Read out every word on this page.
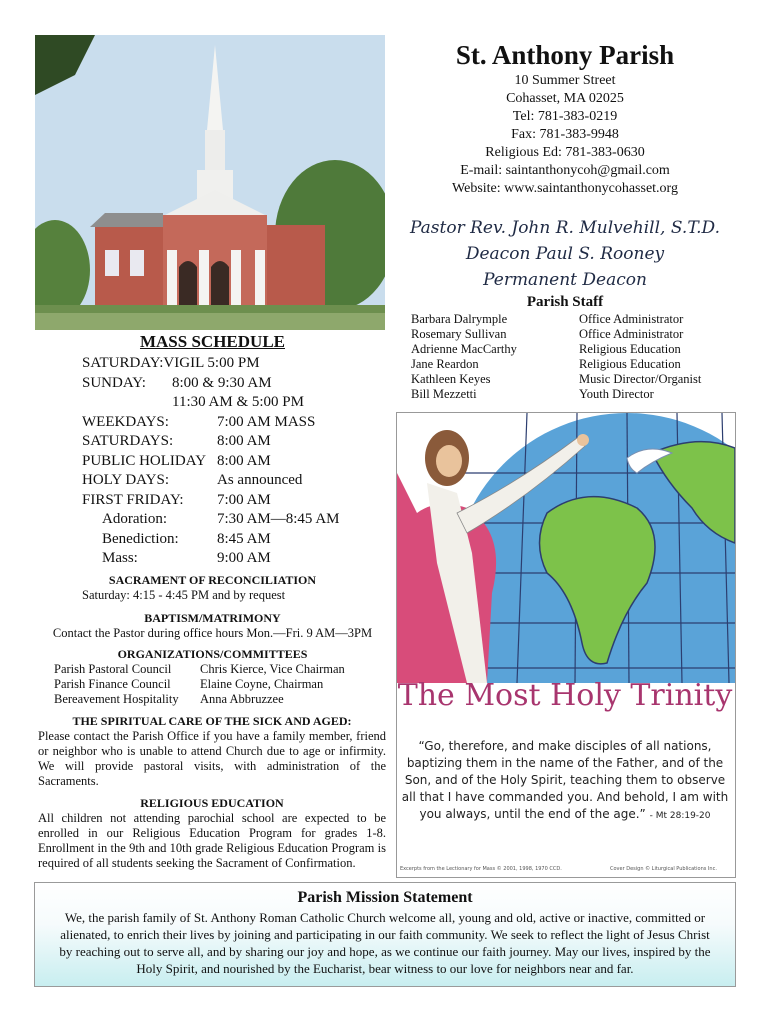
St. Anthony Parish
10 Summer Street
Cohasset, MA 02025
Tel: 781-383-0219
Fax: 781-383-9948
Religious Ed: 781-383-0630
E-mail: saintanthonycoh@gmail.com
Website: www.saintanthonycohasset.org
Pastor Rev. John R. Mulvehill, S.T.D.
Deacon Paul S. Rooney
Permanent Deacon
Parish Staff
Barbara Dalrymple	Office Administrator
Rosemary Sullivan	Office Administrator
Adrienne MacCarthy	Religious Education
Jane Reardon	Religious Education
Kathleen Keyes	Music Director/Organist
Bill Mezzetti	Youth Director
MASS SCHEDULE
SATURDAY:VIGIL 5:00 PM
SUNDAY:	8:00 & 9:30 AM
11:30 AM & 5:00 PM
WEEKDAYS:	7:00 AM MASS
SATURDAYS:	8:00 AM
PUBLIC HOLIDAY 8:00 AM
HOLY DAYS:	As announced
FIRST FRIDAY:	7:00 AM
Adoration:	7:30 AM—8:45 AM
Benediction:	8:45 AM
Mass:	9:00 AM
SACRAMENT OF RECONCILIATION
Saturday: 4:15 - 4:45 PM and by request
BAPTISM/MATRIMONY
Contact the Pastor during office hours Mon.—Fri. 9 AM—3PM
ORGANIZATIONS/COMMITTEES
Parish Pastoral Council	Chris Kierce, Vice Chairman
Parish Finance Council	Elaine Coyne, Chairman
Bereavement Hospitality	Anna Abbruzzee
THE SPIRITUAL CARE OF THE SICK AND AGED:
Please contact the Parish Office if you have a family member, friend or neighbor who is unable to attend Church due to age or infirmity. We will provide pastoral visits, with administration of the Sacraments.
RELIGIOUS EDUCATION
All children not attending parochial school are expected to be enrolled in our Religious Education Program for grades 1-8. Enrollment in the 9th and 10th grade Religious Education Program is required of all students seeking the Sacrament of Confirmation.
The Most Holy Trinity
“Go, therefore, and make disciples of all nations, baptizing them in the name of the Father, and of the Son, and of the Holy Spirit, teaching them to observe all that I have commanded you. And behold, I am with you always, until the end of the age.” - Mt 28:19-20
Excerpts from the Lectionary for Mass © 2001, 1998, 1970 CCD.	Cover Design © Liturgical Publications Inc.
Parish Mission Statement
We, the parish family of St. Anthony Roman Catholic Church welcome all, young and old, active or inactive, committed or alienated, to enrich their lives by joining and participating in our faith community. We seek to reflect the light of Jesus Christ by reaching out to serve all, and by sharing our joy and hope, as we continue our faith journey. May our lives, inspired by the Holy Spirit, and nourished by the Eucharist, bear witness to our love for neighbors near and far.
